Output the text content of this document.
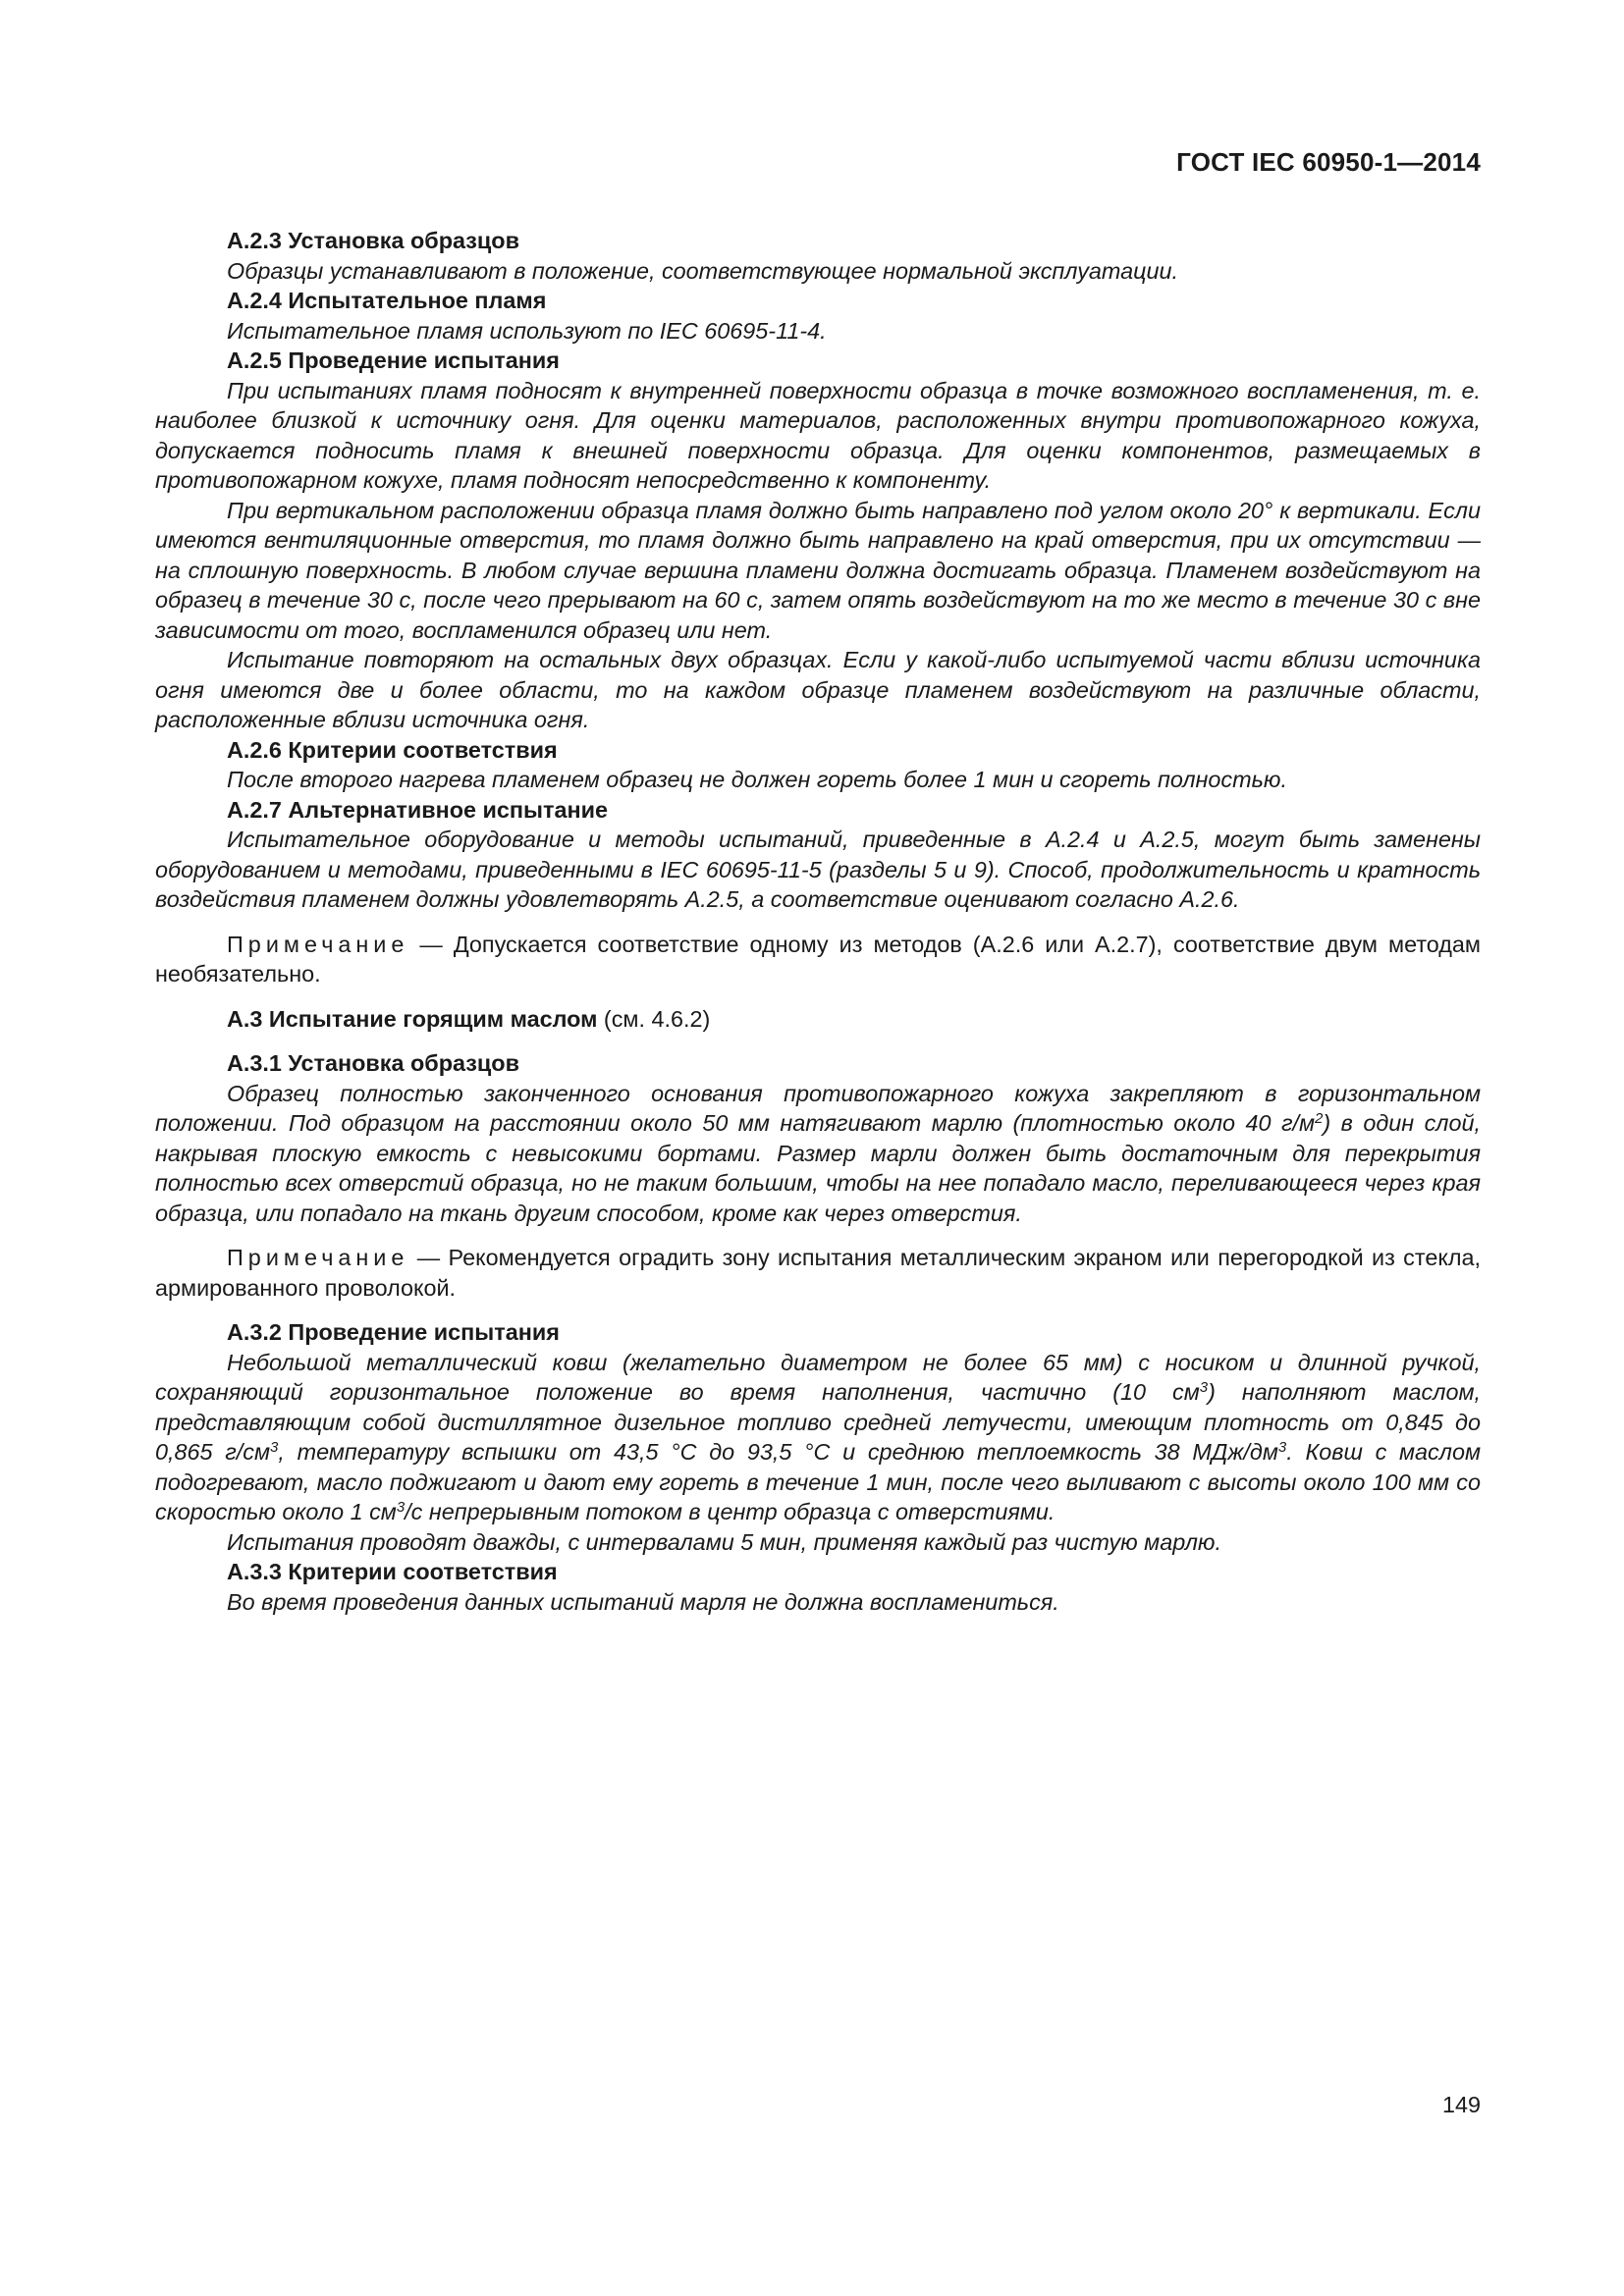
ГОСТ IEC 60950-1—2014

А.2.3 Установка образцов

Образцы устанавливают в положение, соответствующее нормальной эксплуатации.

А.2.4 Испытательное пламя

Испытательное пламя используют по IEC 60695-11-4.

А.2.5 Проведение испытания

При испытаниях пламя подносят к внутренней поверхности образца в точке возможного воспламенения, т. е. наиболее близкой к источнику огня. Для оценки материалов, расположенных внутри противопожарного кожуха, допускается подносить пламя к внешней поверхности образца. Для оценки компонентов, размещаемых в противопожарном кожухе, пламя подносят непосредственно к компоненту.

При вертикальном расположении образца пламя должно быть направлено под углом около 20° к вертикали. Если имеются вентиляционные отверстия, то пламя должно быть направлено на край отверстия, при их отсутствии — на сплошную поверхность. В любом случае вершина пламени должна достигать образца. Пламенем воздействуют на образец в течение 30 с, после чего прерывают на 60 с, затем опять воздействуют на то же место в течение 30 с вне зависимости от того, воспламенился образец или нет.

Испытание повторяют на остальных двух образцах. Если у какой-либо испытуемой части вблизи источника огня имеются две и более области, то на каждом образце пламенем воздействуют на различные области, расположенные вблизи источника огня.

А.2.6 Критерии соответствия

После второго нагрева пламенем образец не должен гореть более 1 мин и сгореть полностью.

А.2.7 Альтернативное испытание

Испытательное оборудование и методы испытаний, приведенные в А.2.4 и А.2.5, могут быть заменены оборудованием и методами, приведенными в IEC 60695-11-5 (разделы 5 и 9). Способ, продолжительность и кратность воздействия пламенем должны удовлетворять А.2.5, а соответствие оценивают согласно А.2.6.

Примечание — Допускается соответствие одному из методов (А.2.6 или А.2.7), соответствие двум методам необязательно.

А.3 Испытание горящим маслом (см. 4.6.2)

А.3.1 Установка образцов

Образец полностью законченного основания противопожарного кожуха закрепляют в горизонтальном положении. Под образцом на расстоянии около 50 мм натягивают марлю (плотностью около 40 $г/м^2$) в один слой, накрывая плоскую емкость с невысокими бортами. Размер марли должен быть достаточным для перекрытия полностью всех отверстий образца, но не таким большим, чтобы на нее попадало масло, переливающееся через края образца, или попадало на ткань другим способом, кроме как через отверстия.

Примечание — Рекомендуется оградить зону испытания металлическим экраном или перегородкой из стекла, армированного проволокой.

А.3.2 Проведение испытания

Небольшой металлический ковш (желательно диаметром не более 65 мм) с носиком и длинной ручкой, сохраняющий горизонтальное положение во время наполнения, частично (10 $см^3$) наполняют маслом, представляющим собой дистиллятное дизельное топливо средней летучести, имеющим плотность от 0,845 до 0,865 $г/см^3$, температуру вспышки от 43,5 °C до 93,5 °C и среднюю теплоемкость 38 МДж/$дм^3$. Ковш с маслом подогревают, масло поджигают и дают ему гореть в течение 1 мин, после чего выливают с высоты около 100 мм со скоростью около 1 $см^3/с$ непрерывным потоком в центр образца с отверстиями.

Испытания проводят дважды, с интервалами 5 мин, применяя каждый раз чистую марлю.

А.3.3 Критерии соответствия

Во время проведения данных испытаний марля не должна воспламениться.

149
